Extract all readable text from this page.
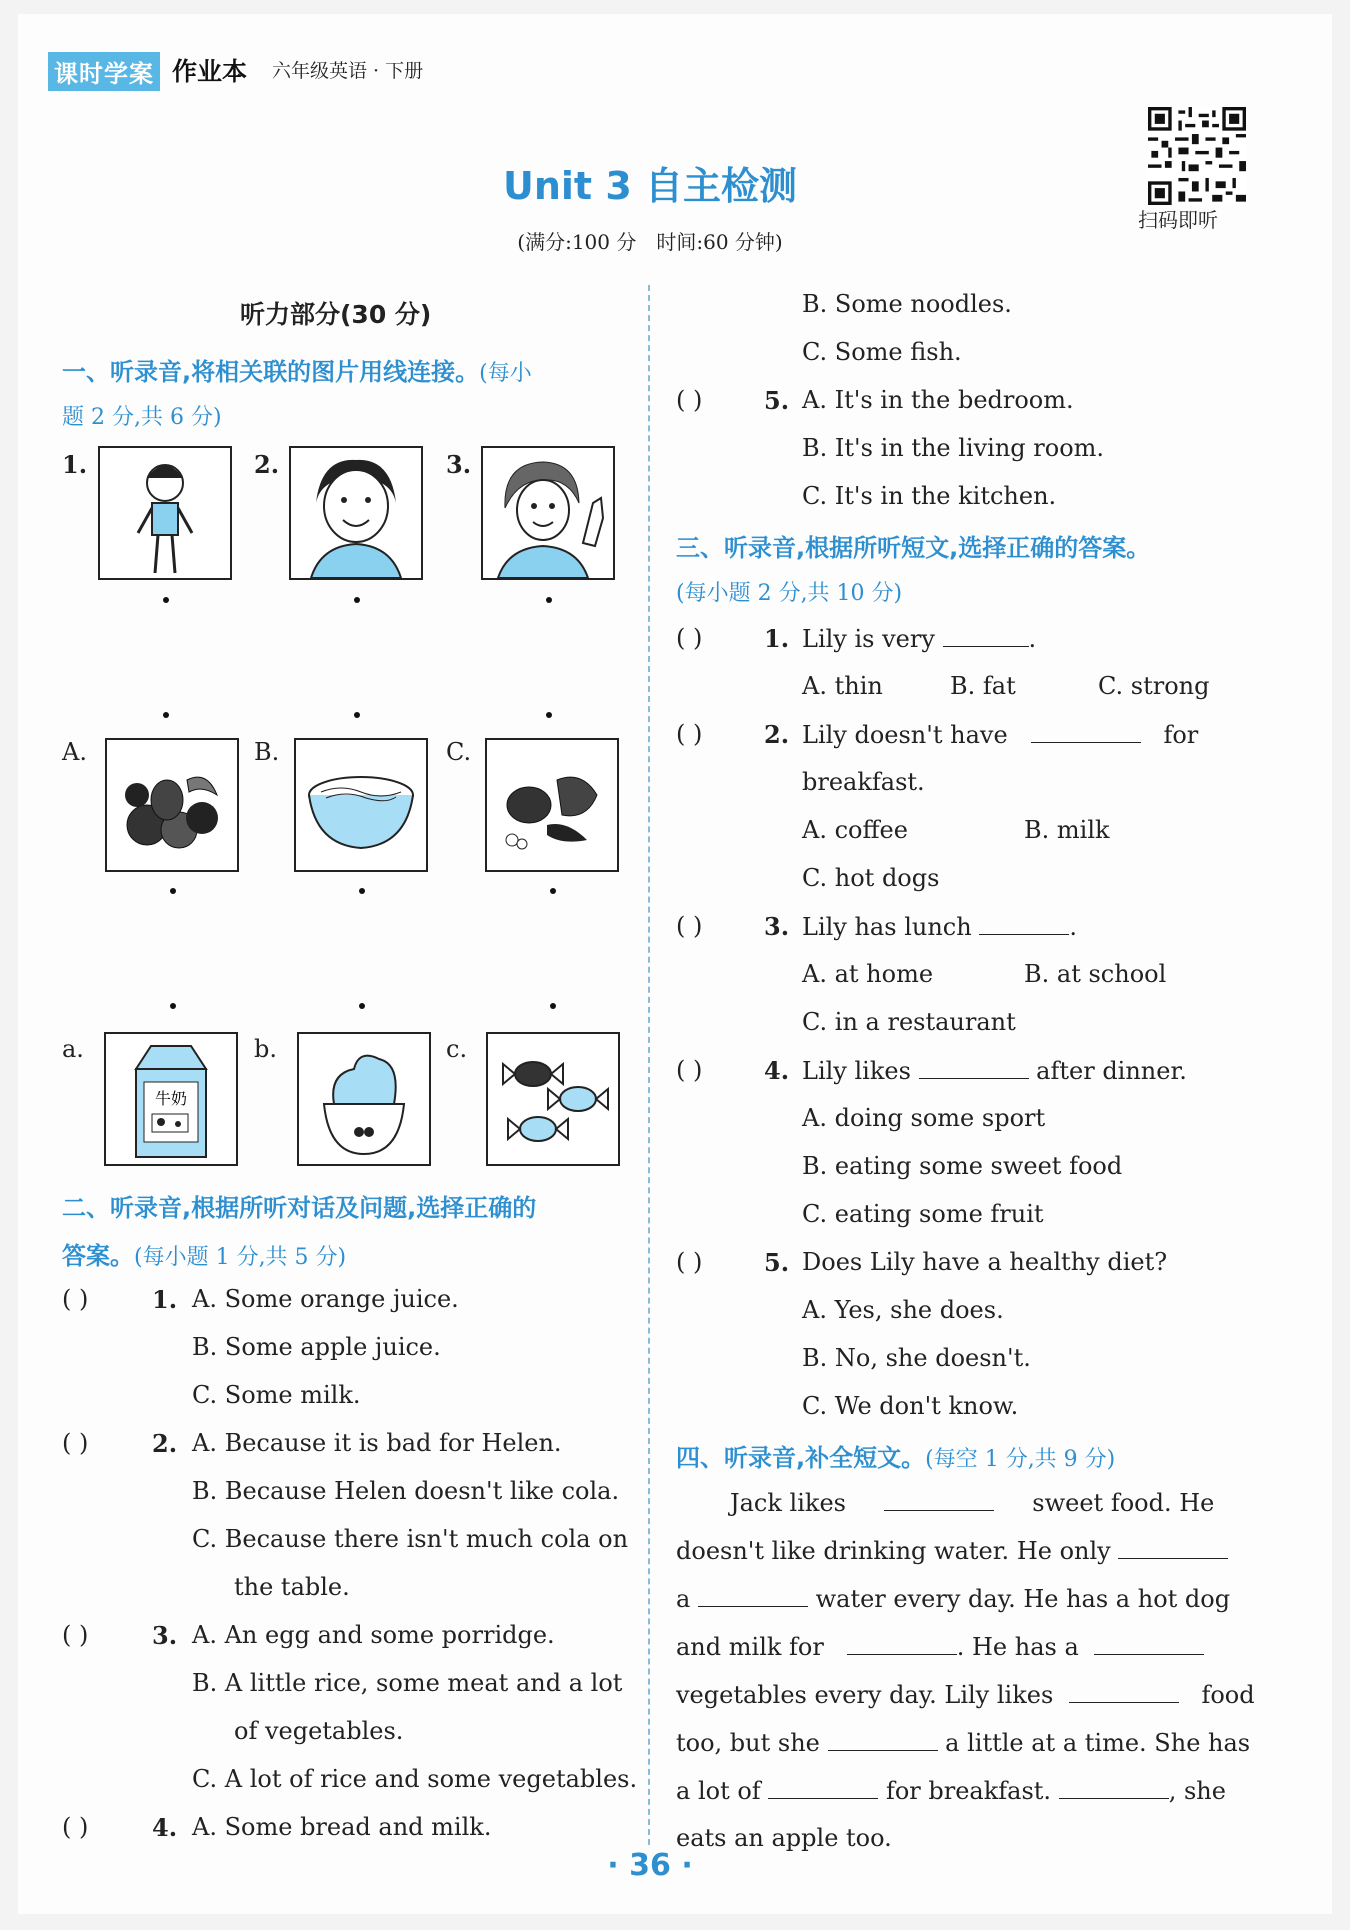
课时学案 作业本 六年级英语 · 下册
Unit 3 自主检测
(满分:100 分　时间:60 分钟)
扫码即听
听力部分(30 分)
一、听录音,将相关联的图片用线连接。(每小
题 2 分,共 6 分)
1.	2.	3.
A.	B.	C.
a.	b.	c.
牛奶
二、听录音,根据所听对话及问题,选择正确的
答案。(每小题 1 分,共 5 分)
( )	1. A. Some orange juice.
B. Some apple juice.
C. Some milk.
( )	2. A. Because it is bad for Helen.
B. Because Helen doesn't like cola.
C. Because there isn't much cola on
the table.
( )	3. A. An egg and some porridge.
B. A little rice, some meat and a lot
of vegetables.
C. A lot of rice and some vegetables.
( )	4. A. Some bread and milk.
B. Some noodles.
C. Some fish.
( )	5. A. It's in the bedroom.
B. It's in the living room.
C. It's in the kitchen.
三、听录音,根据所听短文,选择正确的答案。
(每小题 2 分,共 10 分)
( )	1. Lily is very	.
A. thin	B. fat	C. strong
( )	2. Lily doesn't have	for
breakfast.
A. coffee	B. milk
C. hot dogs
( )	3. Lily has lunch	.
A. at home	B. at school
C. in a restaurant
( )	4. Lily likes	after dinner.
A. doing some sport
B. eating some sweet food
C. eating some fruit
( )	5. Does Lily have a healthy diet?
A. Yes, she does.
B. No, she doesn't.
C. We don't know.
四、听录音,补全短文。(每空 1 分,共 9 分)
Jack likes	sweet food. He
doesn't like drinking water. He only
a	water every day. He has a hot dog
and milk for	. He has a
vegetables every day. Lily likes	food
too, but she	a little at a time. She has
a lot of	for breakfast.	, she
eats an apple too.
· 36 ·
